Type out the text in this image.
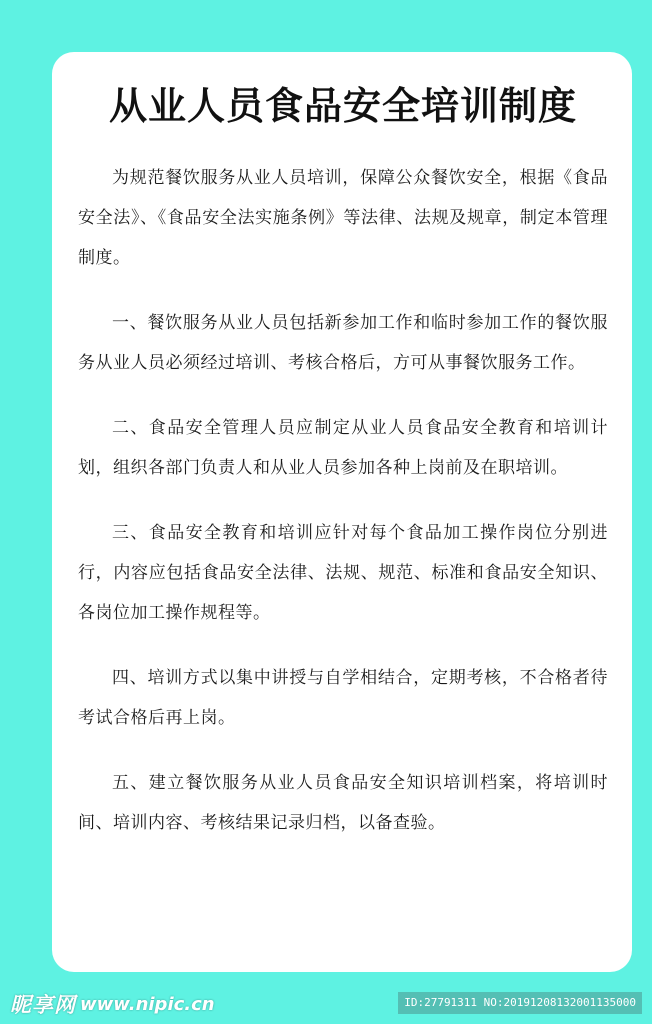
从业人员食品安全培训制度

为规范餐饮服务从业人员培训，保障公众餐饮安全，根据《食品安全法》、《食品安全法实施条例》等法律、法规及规章，制定本管理制度。

一、餐饮服务从业人员包括新参加工作和临时参加工作的餐饮服务从业人员必须经过培训、考核合格后，方可从事餐饮服务工作。

二、食品安全管理人员应制定从业人员食品安全教育和培训计划，组织各部门负责人和从业人员参加各种上岗前及在职培训。

三、食品安全教育和培训应针对每个食品加工操作岗位分别进行，内容应包括食品安全法律、法规、规范、标准和食品安全知识、各岗位加工操作规程等。

四、培训方式以集中讲授与自学相结合，定期考核，不合格者待考试合格后再上岗。

五、建立餐饮服务从业人员食品安全知识培训档案，将培训时间、培训内容、考核结果记录归档，以备查验。

昵享网 www.nipic.cn	ID:27791311 NO:20191208132001135000
